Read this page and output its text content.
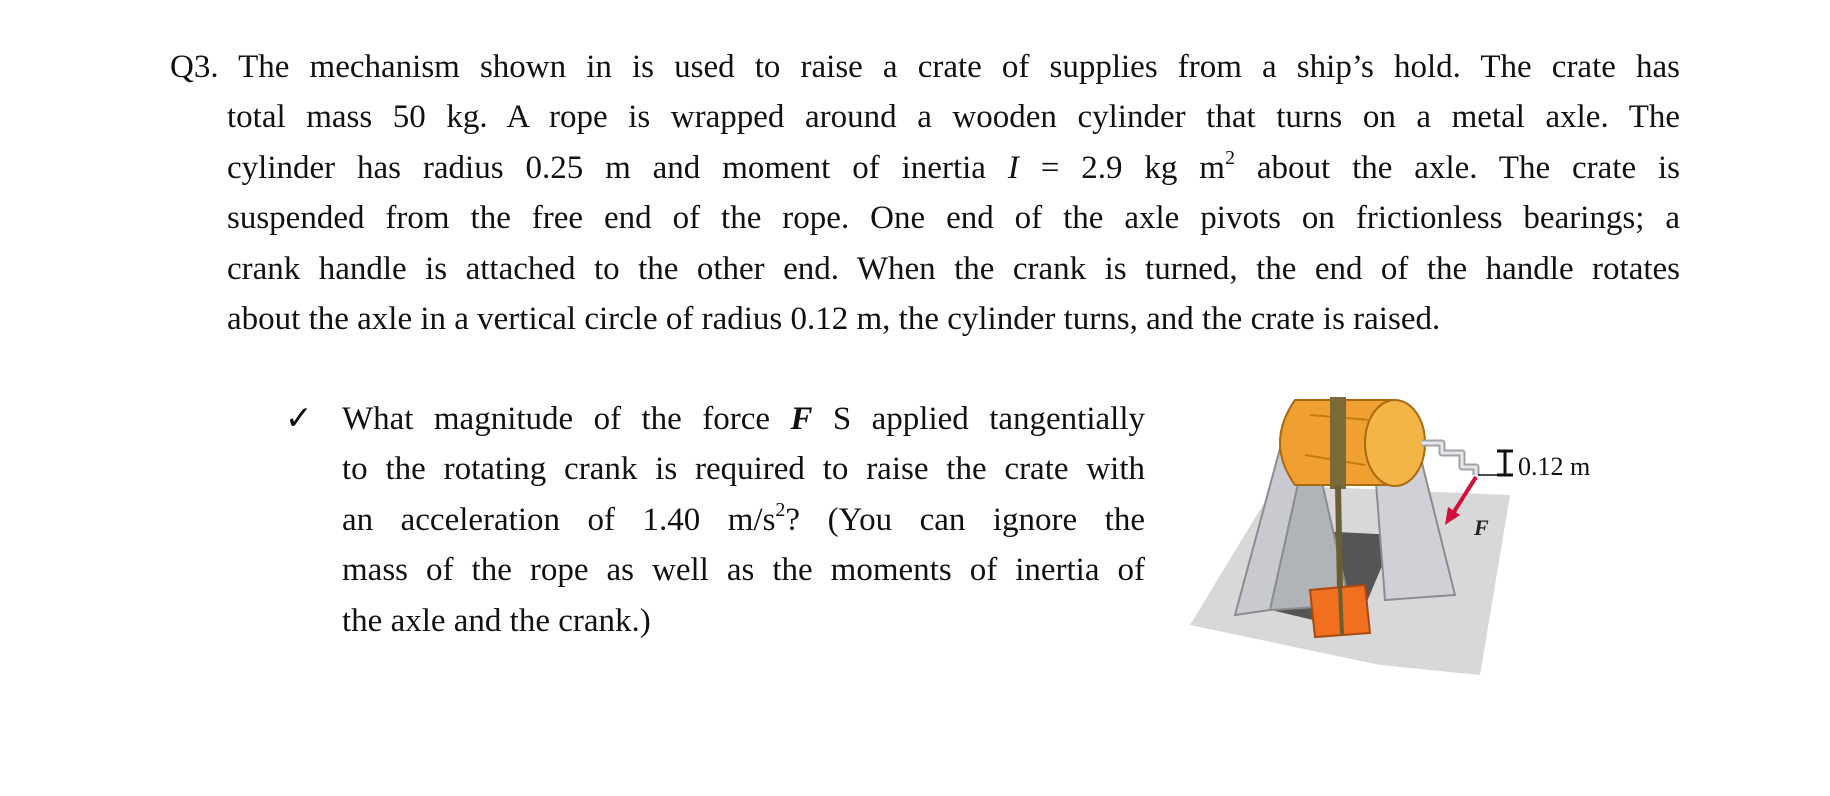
Q3. The mechanism shown in is used to raise a crate of supplies from a ship’s hold. The crate has
total mass 50 kg. A rope is wrapped around a wooden cylinder that turns on a metal axle. The
cylinder has radius 0.25 m and moment of inertia I = 2.9 kg $m^2$ about the axle. The crate is
suspended from the free end of the rope. One end of the axle pivots on frictionless bearings; a
crank handle is attached to the other end. When the crank is turned, the end of the handle rotates
about the axle in a vertical circle of radius 0.12 m, the cylinder turns, and the crate is raised.
✓ What magnitude of the force F S applied tangentially
to the rotating crank is required to raise the crate with
an acceleration of 1.40 $m/s^2$? (You can ignore the
mass of the rope as well as the moments of inertia of
the axle and the crank.)
F
0.12 m
